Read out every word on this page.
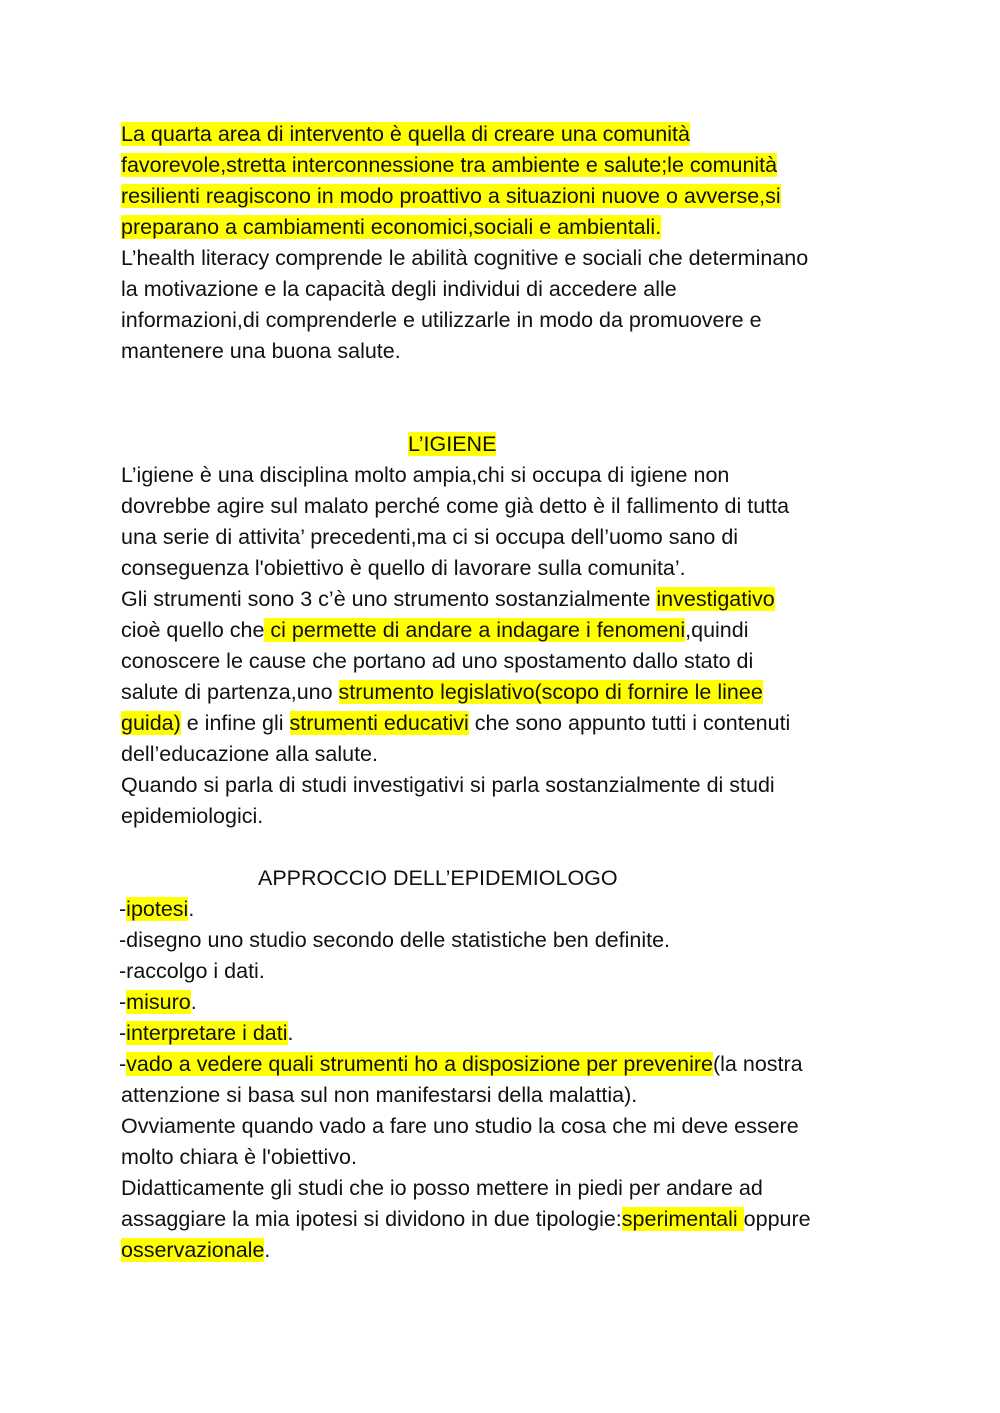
La quarta area di intervento è quella di creare una comunità
favorevole,stretta interconnessione tra ambiente e salute;le comunità
resilienti reagiscono in modo proattivo a situazioni nuove o avverse,si
preparano a cambiamenti economici,sociali e ambientali.
L’health literacy comprende le abilità cognitive e sociali che determinano
la motivazione e la capacità degli individui di accedere alle
informazioni,di comprenderle e utilizzarle in modo da promuovere e
mantenere una buona salute.
L’IGIENE
L’igiene è una disciplina molto ampia,chi si occupa di igiene non
dovrebbe agire sul malato perché come già detto è il fallimento di tutta
una serie di attivita’ precedenti,ma ci si occupa dell’uomo sano di
conseguenza l'obiettivo è quello di lavorare sulla comunita’.
Gli strumenti sono 3 c’è uno strumento sostanzialmente investigativo
cioè quello che ci permette di andare a indagare i fenomeni,quindi
conoscere le cause che portano ad uno spostamento dallo stato di
salute di partenza,uno strumento legislativo(scopo di fornire le linee
guida) e infine gli strumenti educativi che sono appunto tutti i contenuti
dell’educazione alla salute.
Quando si parla di studi investigativi si parla sostanzialmente di studi
epidemiologici.
APPROCCIO DELL’EPIDEMIOLOGO
-ipotesi.
-disegno uno studio secondo delle statistiche ben definite.
-raccolgo i dati.
-misuro.
-interpretare i dati.
-vado a vedere quali strumenti ho a disposizione per prevenire(la nostra
attenzione si basa sul non manifestarsi della malattia).
Ovviamente quando vado a fare uno studio la cosa che mi deve essere
molto chiara è l'obiettivo.
Didatticamente gli studi che io posso mettere in piedi per andare ad
assaggiare la mia ipotesi si dividono in due tipologie:sperimentali oppure
osservazionale.
